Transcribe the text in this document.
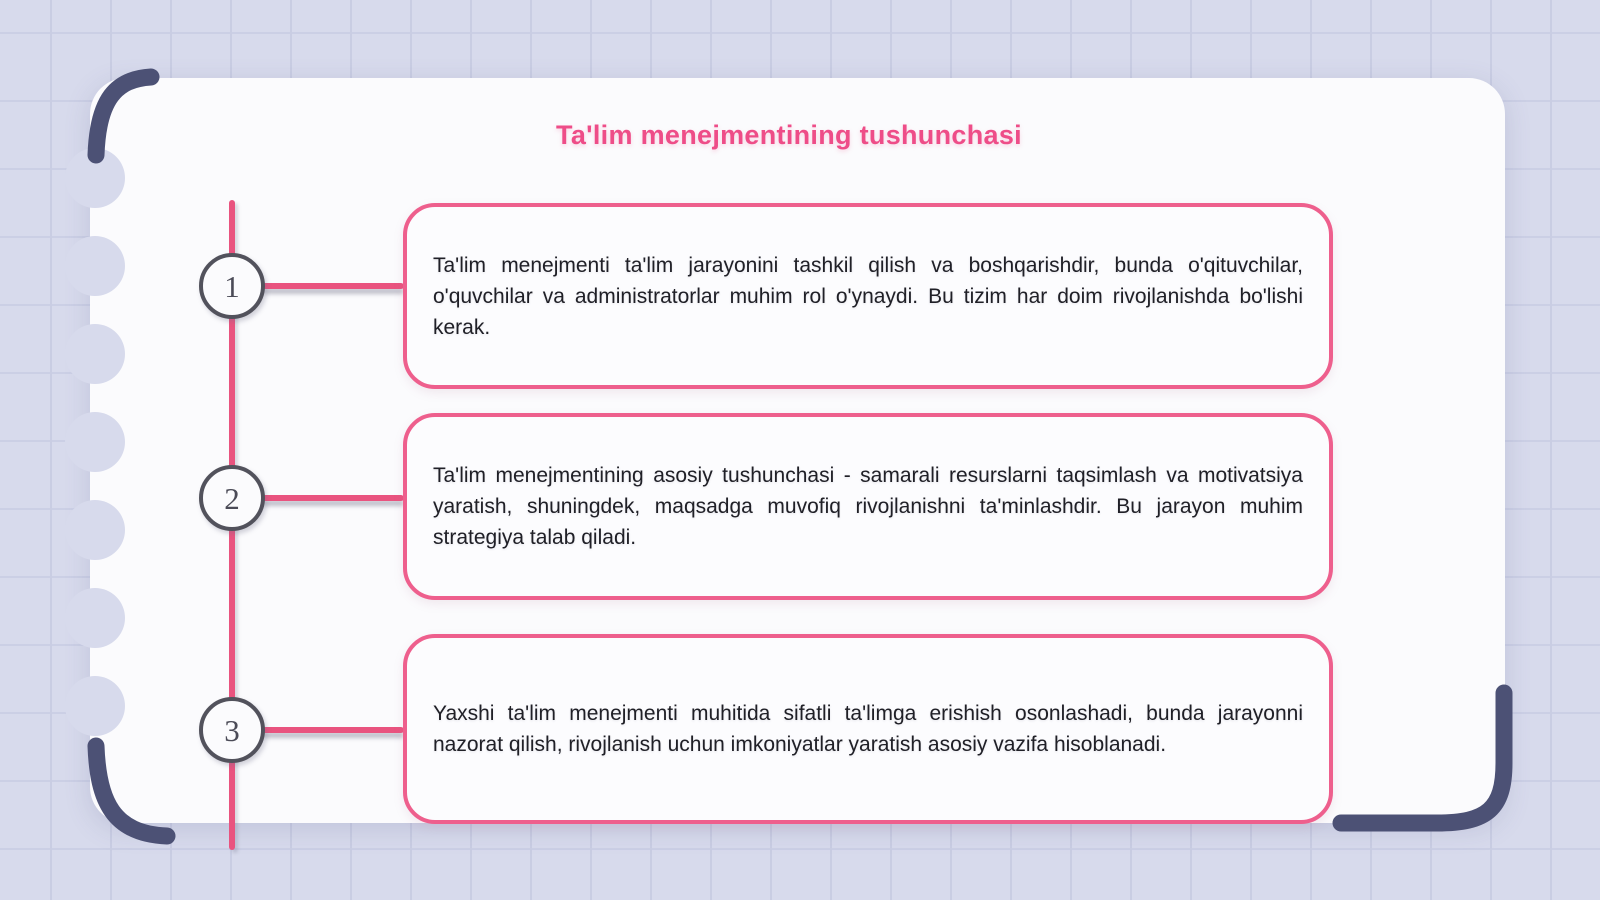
Ta'lim menejmentining tushunchasi
1
2
3

Ta'lim menejmenti ta'lim jarayonini tashkil qilish va boshqarishdir, bunda o'qituvchilar, o'quvchilar va administratorlar muhim rol o'ynaydi. Bu tizim har doim rivojlanishda bo'lishi kerak.

Ta'lim menejmentining asosiy tushunchasi - samarali resurslarni taqsimlash va motivatsiya yaratish, shuningdek, maqsadga muvofiq rivojlanishni ta'minlashdir. Bu jarayon muhim strategiya talab qiladi.

Yaxshi ta'lim menejmenti muhitida sifatli ta'limga erishish osonlashadi, bunda jarayonni nazorat qilish, rivojlanish uchun imkoniyatlar yaratish asosiy vazifa hisoblanadi.
